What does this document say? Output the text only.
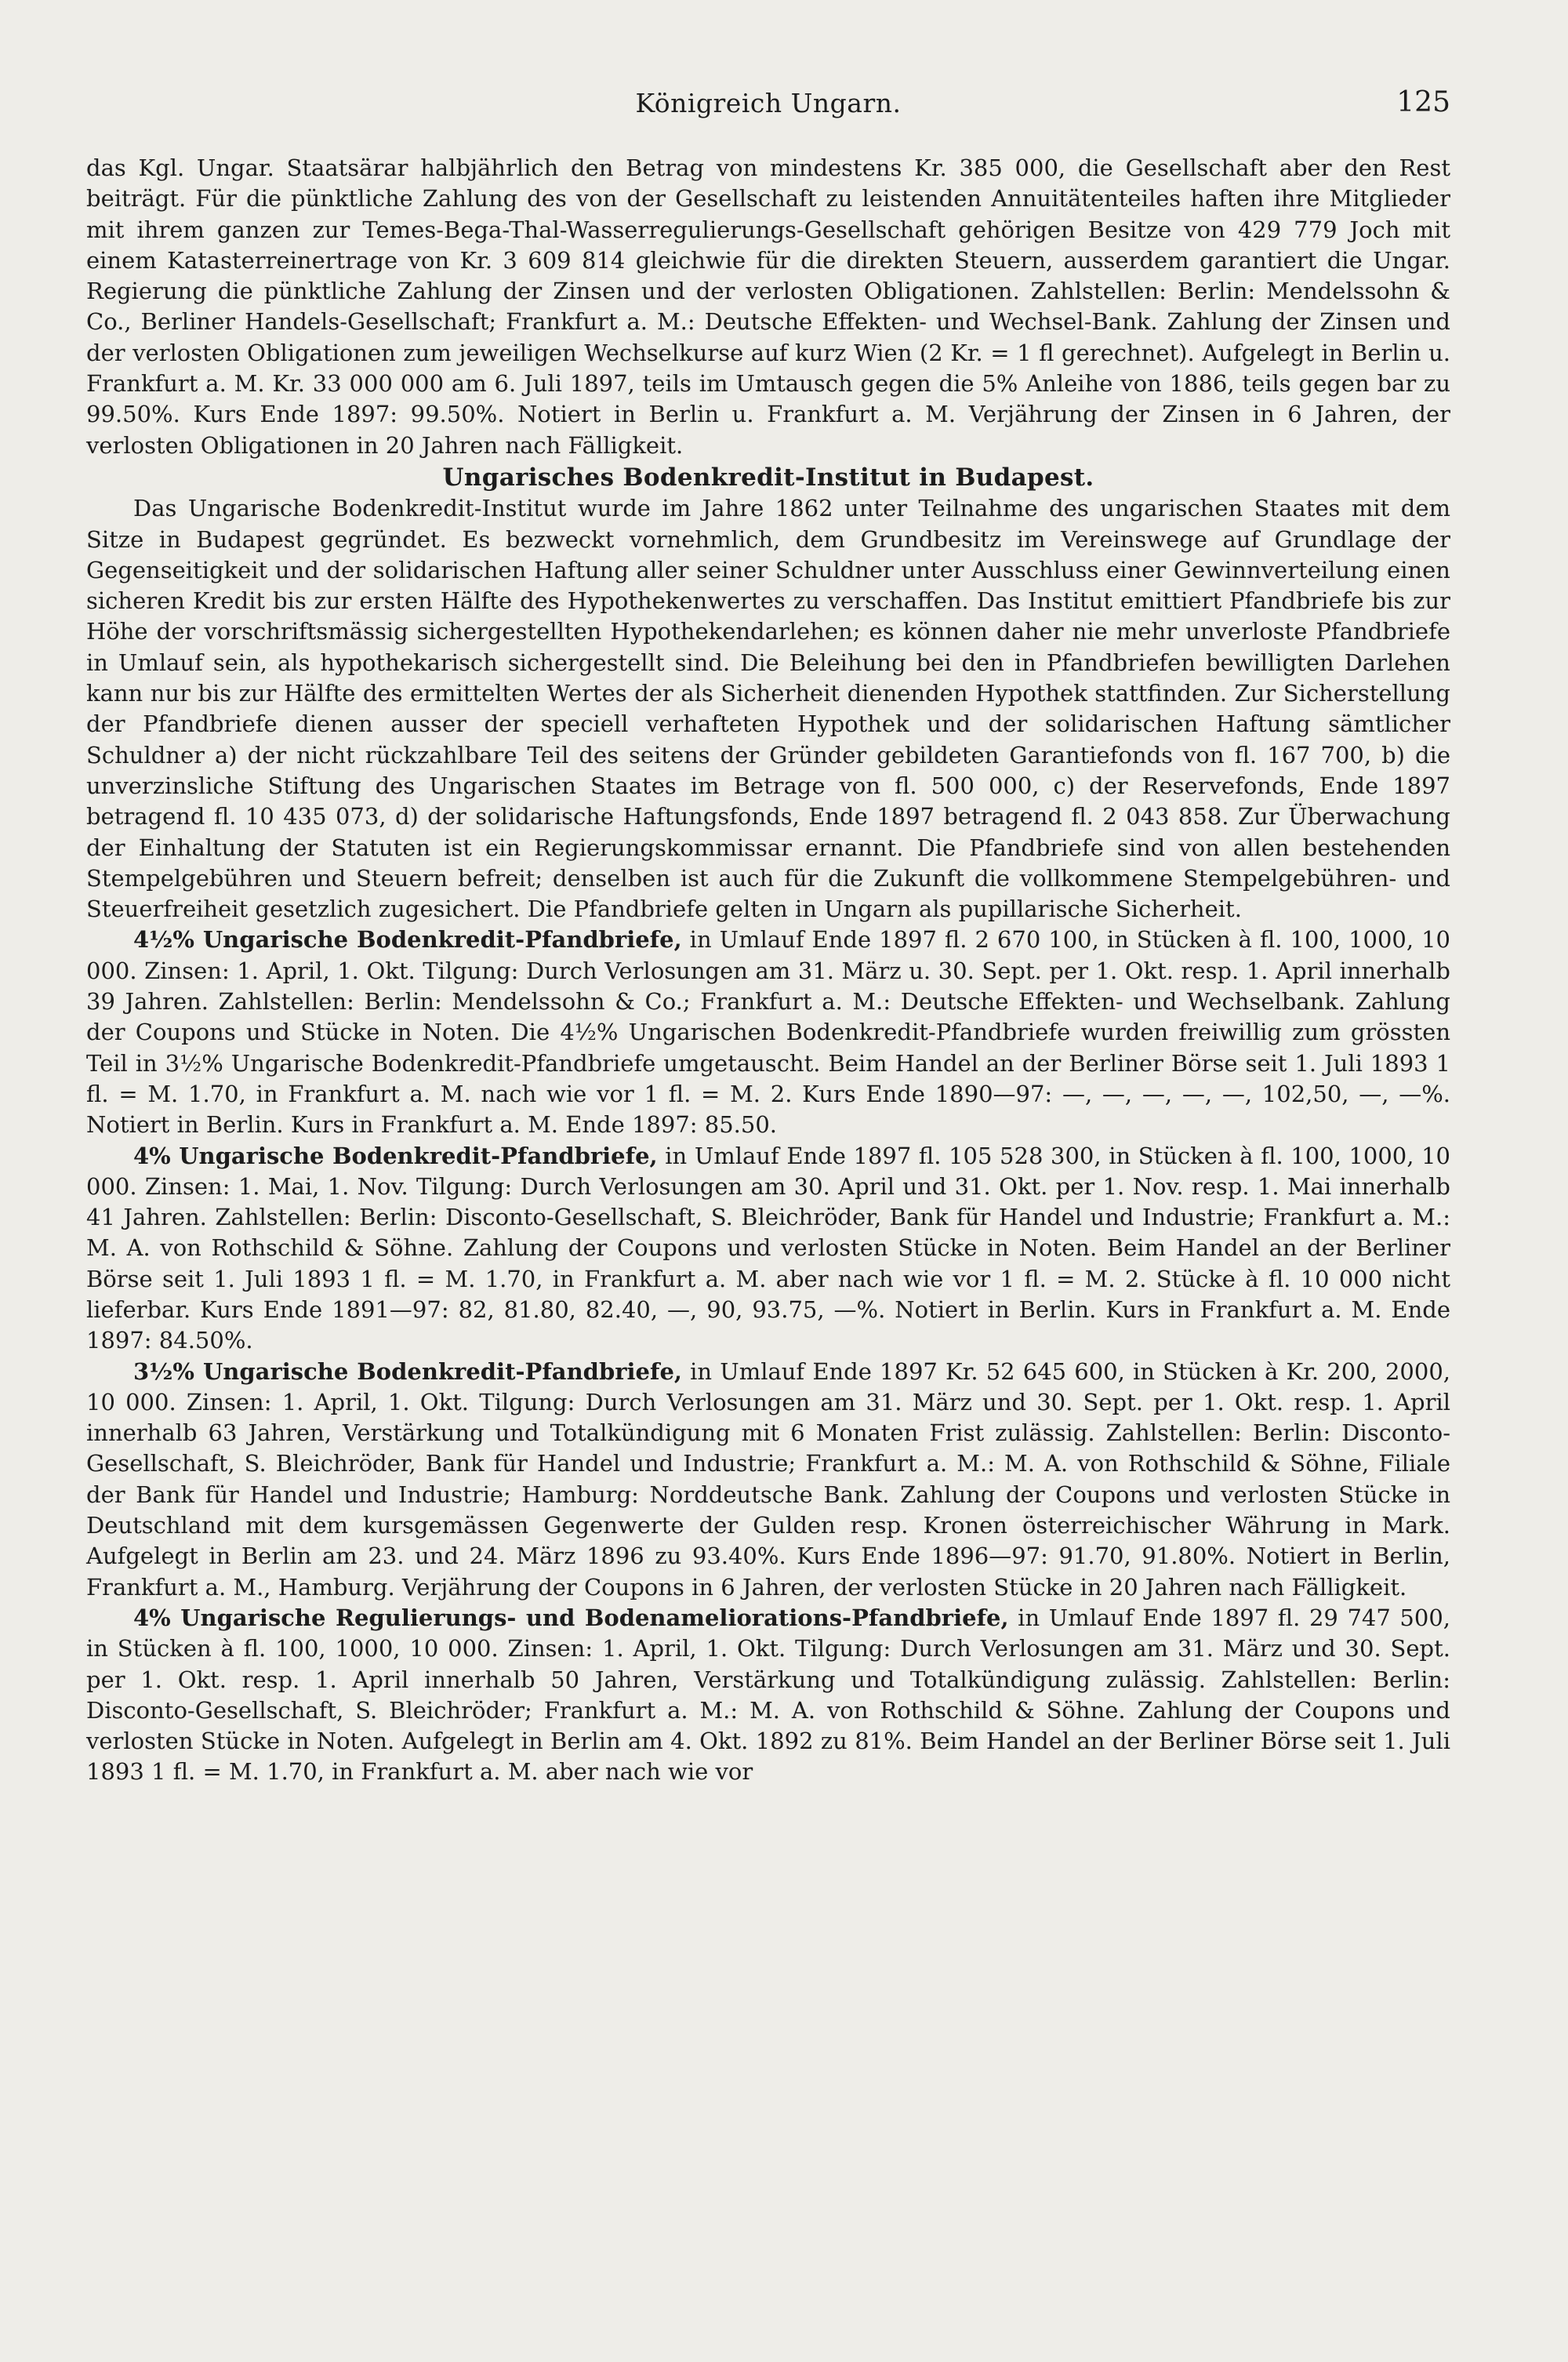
Königreich Ungarn.	125

das Kgl. Ungar. Staatsärar halbjährlich den Betrag von mindestens Kr. 385 000, die Gesellschaft aber den Rest beiträgt. Für die pünktliche Zahlung des von der Gesellschaft zu leistenden Annuitätenteiles haften ihre Mitglieder mit ihrem ganzen zur Temes-Bega-Thal-Wasserregulierungs-Gesellschaft gehörigen Besitze von 429 779 Joch mit einem Katasterreinertrage von Kr. 3 609 814 gleichwie für die direkten Steuern, ausserdem garantiert die Ungar. Regierung die pünktliche Zahlung der Zinsen und der verlosten Obligationen. Zahlstellen: Berlin: Mendelssohn & Co., Berliner Handels-Gesellschaft; Frankfurt a. M.: Deutsche Effekten- und Wechsel-Bank. Zahlung der Zinsen und der verlosten Obligationen zum jeweiligen Wechselkurse auf kurz Wien (2 Kr. = 1 fl gerechnet). Aufgelegt in Berlin u. Frankfurt a. M. Kr. 33 000 000 am 6. Juli 1897, teils im Umtausch gegen die 5% Anleihe von 1886, teils gegen bar zu 99.50%. Kurs Ende 1897: 99.50%. Notiert in Berlin u. Frankfurt a. M. Verjährung der Zinsen in 6 Jahren, der verlosten Obligationen in 20 Jahren nach Fälligkeit.

Ungarisches Bodenkredit-Institut in Budapest.

Das Ungarische Bodenkredit-Institut wurde im Jahre 1862 unter Teilnahme des ungarischen Staates mit dem Sitze in Budapest gegründet. Es bezweckt vornehmlich, dem Grundbesitz im Vereinswege auf Grundlage der Gegenseitigkeit und der solidarischen Haftung aller seiner Schuldner unter Ausschluss einer Gewinnverteilung einen sicheren Kredit bis zur ersten Hälfte des Hypothekenwertes zu verschaffen. Das Institut emittiert Pfandbriefe bis zur Höhe der vorschriftsmässig sichergestellten Hypothekendarlehen; es können daher nie mehr unverloste Pfandbriefe in Umlauf sein, als hypothekarisch sichergestellt sind. Die Beleihung bei den in Pfandbriefen bewilligten Darlehen kann nur bis zur Hälfte des ermittelten Wertes der als Sicherheit dienenden Hypothek stattfinden. Zur Sicherstellung der Pfandbriefe dienen ausser der speciell verhafteten Hypothek und der solidarischen Haftung sämtlicher Schuldner a) der nicht rückzahlbare Teil des seitens der Gründer gebildeten Garantiefonds von fl. 167 700, b) die unverzinsliche Stiftung des Ungarischen Staates im Betrage von fl. 500 000, c) der Reservefonds, Ende 1897 betragend fl. 10 435 073, d) der solidarische Haftungsfonds, Ende 1897 betragend fl. 2 043 858. Zur Überwachung der Einhaltung der Statuten ist ein Regierungskommissar ernannt. Die Pfandbriefe sind von allen bestehenden Stempelgebühren und Steuern befreit; denselben ist auch für die Zukunft die vollkommene Stempelgebühren- und Steuerfreiheit gesetzlich zugesichert. Die Pfandbriefe gelten in Ungarn als pupillarische Sicherheit.

4½% Ungarische Bodenkredit-Pfandbriefe, in Umlauf Ende 1897 fl. 2 670 100, in Stücken à fl. 100, 1000, 10 000. Zinsen: 1. April, 1. Okt. Tilgung: Durch Verlosungen am 31. März u. 30. Sept. per 1. Okt. resp. 1. April innerhalb 39 Jahren. Zahlstellen: Berlin: Mendelssohn & Co.; Frankfurt a. M.: Deutsche Effekten- und Wechselbank. Zahlung der Coupons und Stücke in Noten. Die 4½% Ungarischen Bodenkredit-Pfandbriefe wurden freiwillig zum grössten Teil in 3½% Ungarische Bodenkredit-Pfandbriefe umgetauscht. Beim Handel an der Berliner Börse seit 1. Juli 1893 1 fl. = M. 1.70, in Frankfurt a. M. nach wie vor 1 fl. = M. 2. Kurs Ende 1890—97: —, —, —, —, —, 102,50, —, —%. Notiert in Berlin. Kurs in Frankfurt a. M. Ende 1897: 85.50.

4% Ungarische Bodenkredit-Pfandbriefe, in Umlauf Ende 1897 fl. 105 528 300, in Stücken à fl. 100, 1000, 10 000. Zinsen: 1. Mai, 1. Nov. Tilgung: Durch Verlosungen am 30. April und 31. Okt. per 1. Nov. resp. 1. Mai innerhalb 41 Jahren. Zahlstellen: Berlin: Disconto-Gesellschaft, S. Bleichröder, Bank für Handel und Industrie; Frankfurt a. M.: M. A. von Rothschild & Söhne. Zahlung der Coupons und verlosten Stücke in Noten. Beim Handel an der Berliner Börse seit 1. Juli 1893 1 fl. = M. 1.70, in Frankfurt a. M. aber nach wie vor 1 fl. = M. 2. Stücke à fl. 10 000 nicht lieferbar. Kurs Ende 1891—97: 82, 81.80, 82.40, —, 90, 93.75, —%. Notiert in Berlin. Kurs in Frankfurt a. M. Ende 1897: 84.50%.

3½% Ungarische Bodenkredit-Pfandbriefe, in Umlauf Ende 1897 Kr. 52 645 600, in Stücken à Kr. 200, 2000, 10 000. Zinsen: 1. April, 1. Okt. Tilgung: Durch Verlosungen am 31. März und 30. Sept. per 1. Okt. resp. 1. April innerhalb 63 Jahren, Verstärkung und Totalkündigung mit 6 Monaten Frist zulässig. Zahlstellen: Berlin: Disconto-Gesellschaft, S. Bleichröder, Bank für Handel und Industrie; Frankfurt a. M.: M. A. von Rothschild & Söhne, Filiale der Bank für Handel und Industrie; Hamburg: Norddeutsche Bank. Zahlung der Coupons und verlosten Stücke in Deutschland mit dem kursgemässen Gegenwerte der Gulden resp. Kronen österreichischer Währung in Mark. Aufgelegt in Berlin am 23. und 24. März 1896 zu 93.40%. Kurs Ende 1896—97: 91.70, 91.80%. Notiert in Berlin, Frankfurt a. M., Hamburg. Verjährung der Coupons in 6 Jahren, der verlosten Stücke in 20 Jahren nach Fälligkeit.

4% Ungarische Regulierungs- und Bodenameliorations-Pfandbriefe, in Umlauf Ende 1897 fl. 29 747 500, in Stücken à fl. 100, 1000, 10 000. Zinsen: 1. April, 1. Okt. Tilgung: Durch Verlosungen am 31. März und 30. Sept. per 1. Okt. resp. 1. April innerhalb 50 Jahren, Verstärkung und Totalkündigung zulässig. Zahlstellen: Berlin: Disconto-Gesellschaft, S. Bleichröder; Frankfurt a. M.: M. A. von Rothschild & Söhne. Zahlung der Coupons und verlosten Stücke in Noten. Aufgelegt in Berlin am 4. Okt. 1892 zu 81%. Beim Handel an der Berliner Börse seit 1. Juli 1893 1 fl. = M. 1.70, in Frankfurt a. M. aber nach wie vor
